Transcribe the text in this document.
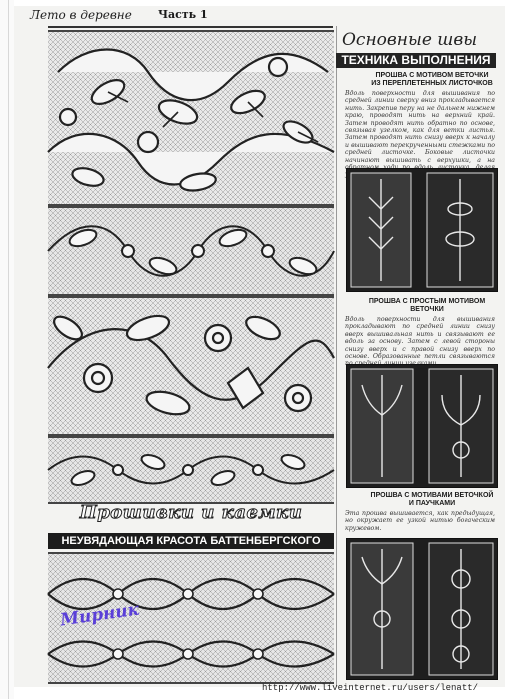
Лето в деревне Часть 1
Прошивки и каемки
НЕУВЯДАЮЩАЯ КРАСОТА БАТТЕНБЕРГСКОГО
Мирник
Основные швы
ТЕХНИКА ВЫПОЛНЕНИЯ
ПРОШВА С МОТИВОМ ВЕТОЧКИ ИЗ ПЕРЕПЛЕТЕННЫХ ЛИСТОЧКОВ
Вдоль поверхности для вышивания по средней линии сверху вниз прокладывается нить. Закрепив перу на не дальнем нижнем краю, проводят нить на верхний край. Затем проводят нить обратно по основе, связывая узелком, как для ветки листья. Затем проводят нить снизу вверх к началу и вышивают перекрученными стежками по средней листочке. Боковые листочки начинают вышивать с верхушки, а на
ПРОШВА С ПРОСТЫМ МОТИВОМ ВЕТОЧКИ
Вдоль поверхности для вышивания прокладывают по средней линии снизу вверх вышивальная нить и связывают ее вдоль за основу. Затем с левой стороны снизу вверх и с правой снизу вверх по основе. Образованные петли связываются
ПРОШВА С МОТИВАМИ ВЕТОЧКОЙ И ПАУЧКАМИ
Эта прошва вышивается, как предыдущая, но окружает ее узкой нитью богаческим кружевом.
http://www.liveinternet.ru/users/lenatt/
